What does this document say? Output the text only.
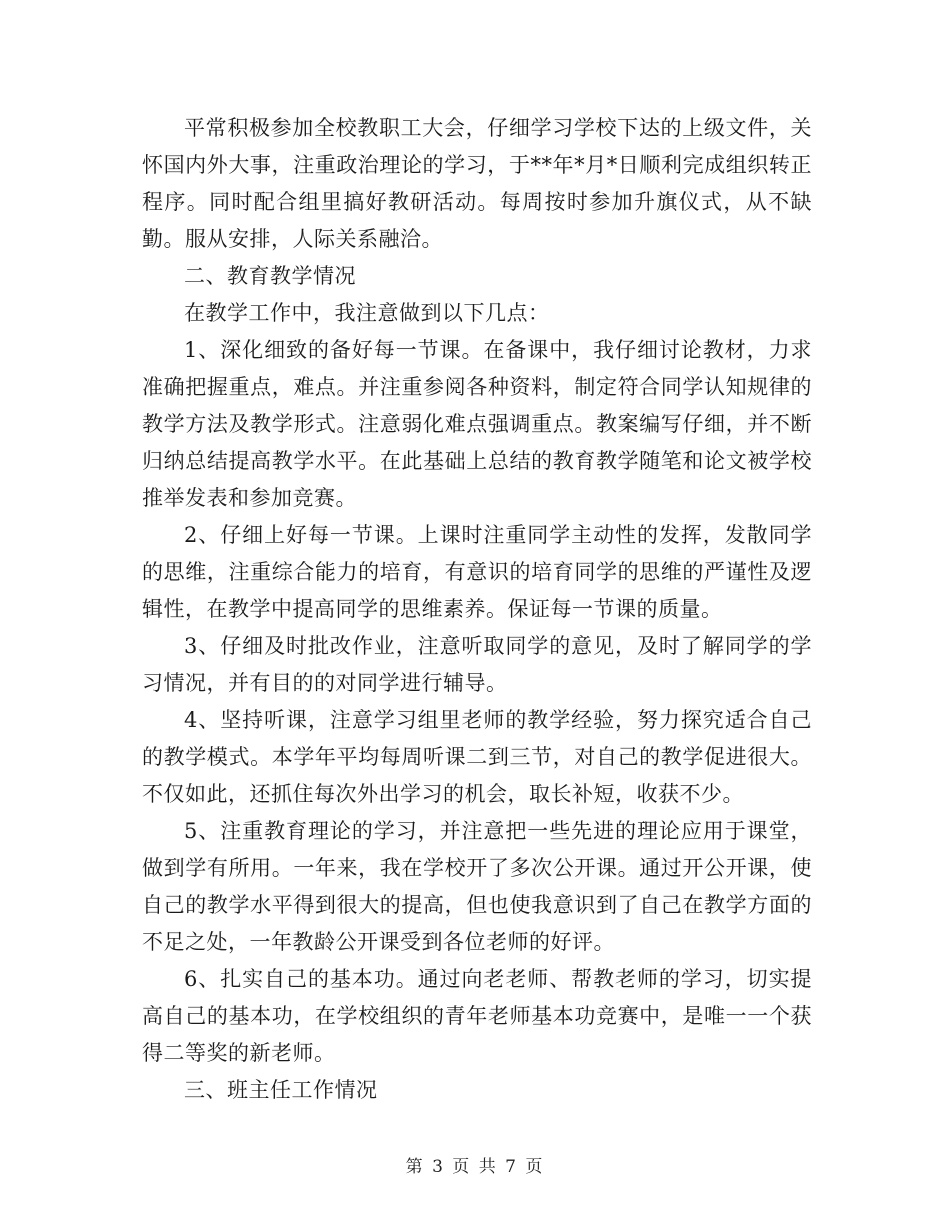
平常积极参加全校教职工大会，仔细学习学校下达的上级文件，关怀国内外大事，注重政治理论的学习，于**年*月*日顺利完成组织转正程序。同时配合组里搞好教研活动。每周按时参加升旗仪式，从不缺勤。服从安排，人际关系融洽。

二、教育教学情况

在教学工作中，我注意做到以下几点：

1、深化细致的备好每一节课。在备课中，我仔细讨论教材，力求准确把握重点，难点。并注重参阅各种资料，制定符合同学认知规律的教学方法及教学形式。注意弱化难点强调重点。教案编写仔细，并不断归纳总结提高教学水平。在此基础上总结的教育教学随笔和论文被学校推举发表和参加竞赛。

2、仔细上好每一节课。上课时注重同学主动性的发挥，发散同学的思维，注重综合能力的培育，有意识的培育同学的思维的严谨性及逻辑性，在教学中提高同学的思维素养。保证每一节课的质量。

3、仔细及时批改作业，注意听取同学的意见，及时了解同学的学习情况，并有目的的对同学进行辅导。

4、坚持听课，注意学习组里老师的教学经验，努力探究适合自己的教学模式。本学年平均每周听课二到三节，对自己的教学促进很大。不仅如此，还抓住每次外出学习的机会，取长补短，收获不少。

5、注重教育理论的学习，并注意把一些先进的理论应用于课堂，做到学有所用。一年来，我在学校开了多次公开课。通过开公开课，使自己的教学水平得到很大的提高，但也使我意识到了自己在教学方面的不足之处，一年教龄公开课受到各位老师的好评。

6、扎实自己的基本功。通过向老老师、帮教老师的学习，切实提高自己的基本功，在学校组织的青年老师基本功竞赛中，是唯一一个获得二等奖的新老师。

三、班主任工作情况

第 3 页 共 7 页
